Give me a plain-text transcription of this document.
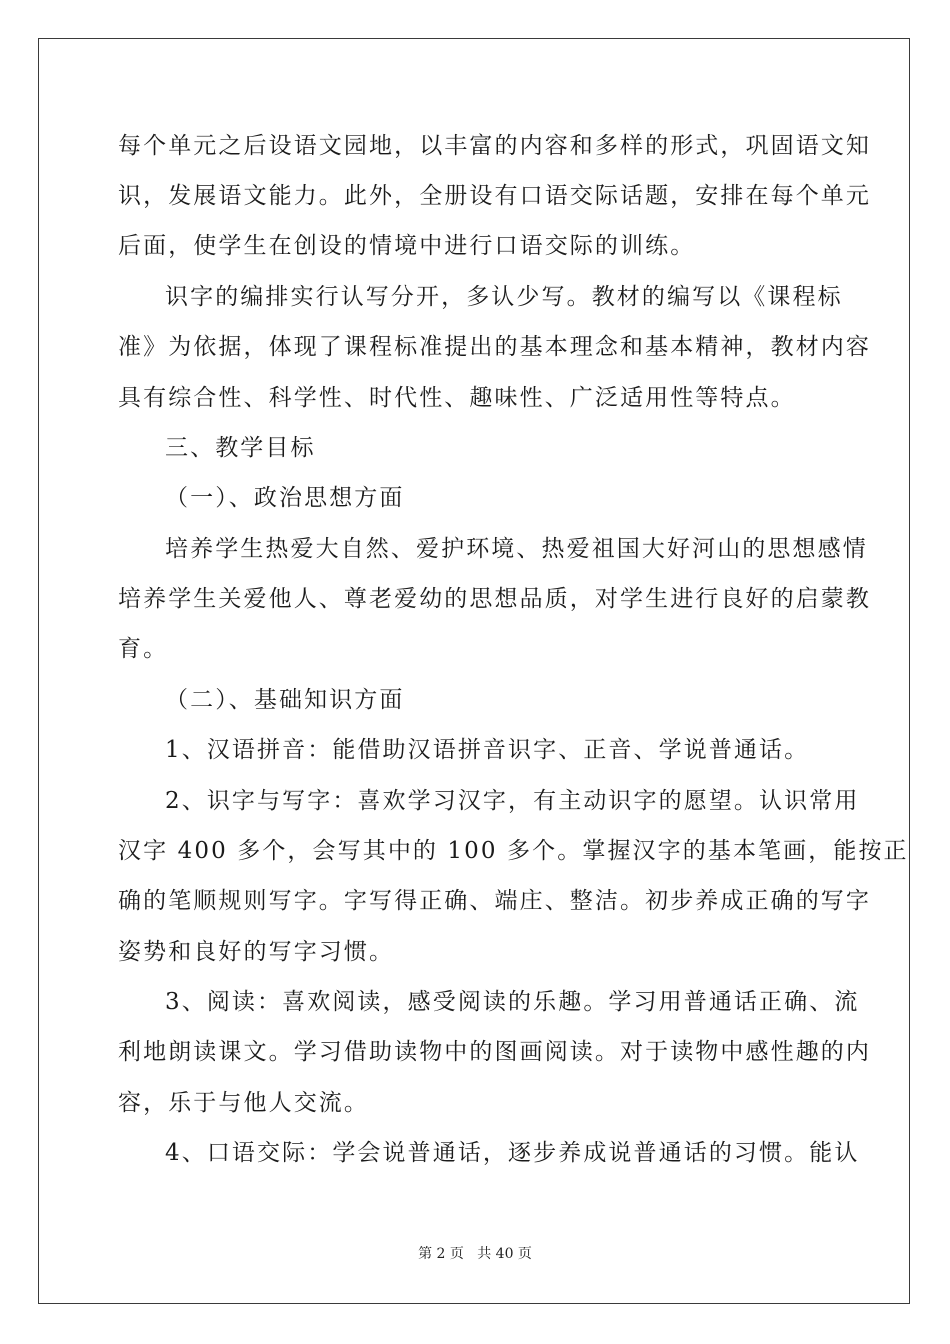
每个单元之后设语文园地，以丰富的内容和多样的形式，巩固语文知
识，发展语文能力。此外，全册设有口语交际话题，安排在每个单元
后面，使学生在创设的情境中进行口语交际的训练。
识字的编排实行认写分开，多认少写。教材的编写以《课程标
准》为依据，体现了课程标准提出的基本理念和基本精神，教材内容
具有综合性、科学性、时代性、趣味性、广泛适用性等特点。
三、教学目标
（一）、政治思想方面
培养学生热爱大自然、爱护环境、热爱祖国大好河山的思想感情
培养学生关爱他人、尊老爱幼的思想品质，对学生进行良好的启蒙教
育。
（二）、基础知识方面
1、汉语拼音：能借助汉语拼音识字、正音、学说普通话。
2、识字与写字：喜欢学习汉字，有主动识字的愿望。认识常用
汉字 400 多个，会写其中的 100 多个。掌握汉字的基本笔画，能按正
确的笔顺规则写字。字写得正确、端庄、整洁。初步养成正确的写字
姿势和良好的写字习惯。
3、阅读：喜欢阅读，感受阅读的乐趣。学习用普通话正确、流
利地朗读课文。学习借助读物中的图画阅读。对于读物中感性趣的内
容，乐于与他人交流。
4、口语交际：学会说普通话，逐步养成说普通话的习惯。能认
第 2 页   共 40 页
